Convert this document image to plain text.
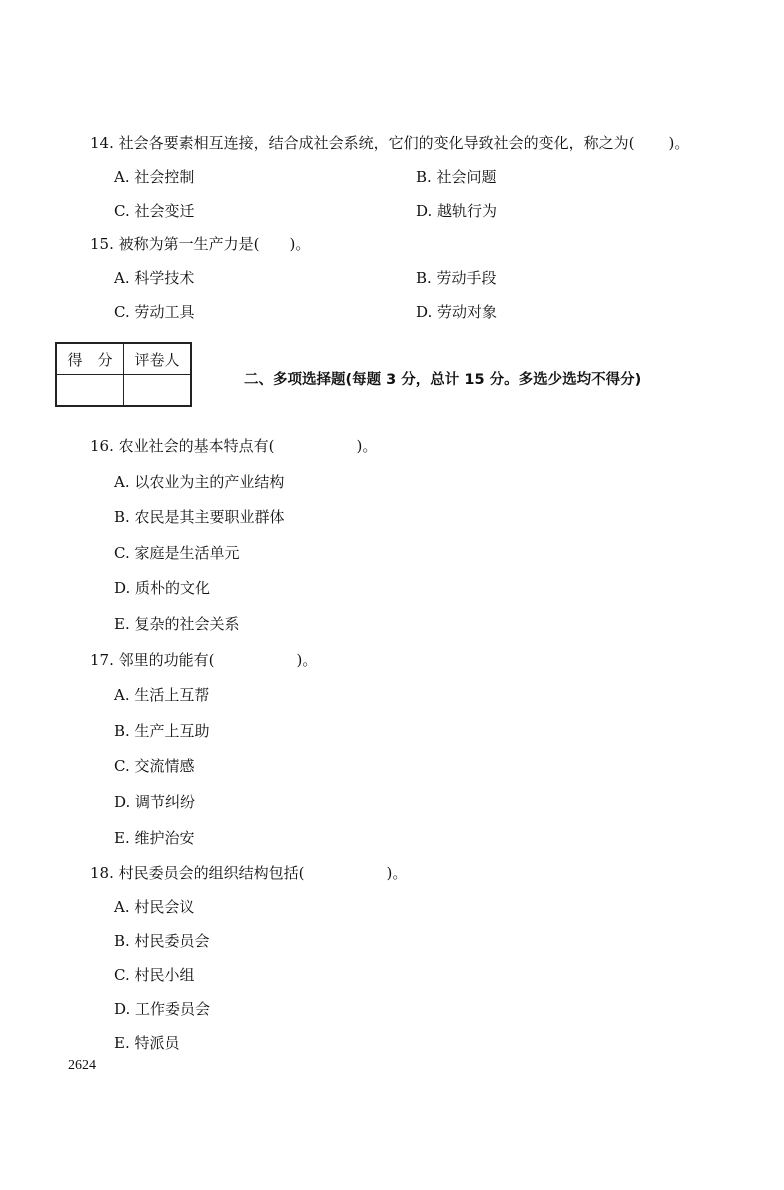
14. 社会各要素相互连接，结合成社会系统，它们的变化导致社会的变化，称之为( )。
A. 社会控制	B. 社会问题
C. 社会变迁	D. 越轨行为
15. 被称为第一生产力是( )。
A. 科学技术	B. 劳动手段
C. 劳动工具	D. 劳动对象
得　分	评卷人

二、多项选择题(每题 3 分，总计 15 分。多选少选均不得分)
16. 农业社会的基本特点有(	)。
A. 以农业为主的产业结构
B. 农民是其主要职业群体
C. 家庭是生活单元
D. 质朴的文化
E. 复杂的社会关系
17. 邻里的功能有(	)。
A. 生活上互帮
B. 生产上互助
C. 交流情感
D. 调节纠纷
E. 维护治安
18. 村民委员会的组织结构包括(	)。
A. 村民会议
B. 村民委员会
C. 村民小组
D. 工作委员会
E. 特派员
2624
